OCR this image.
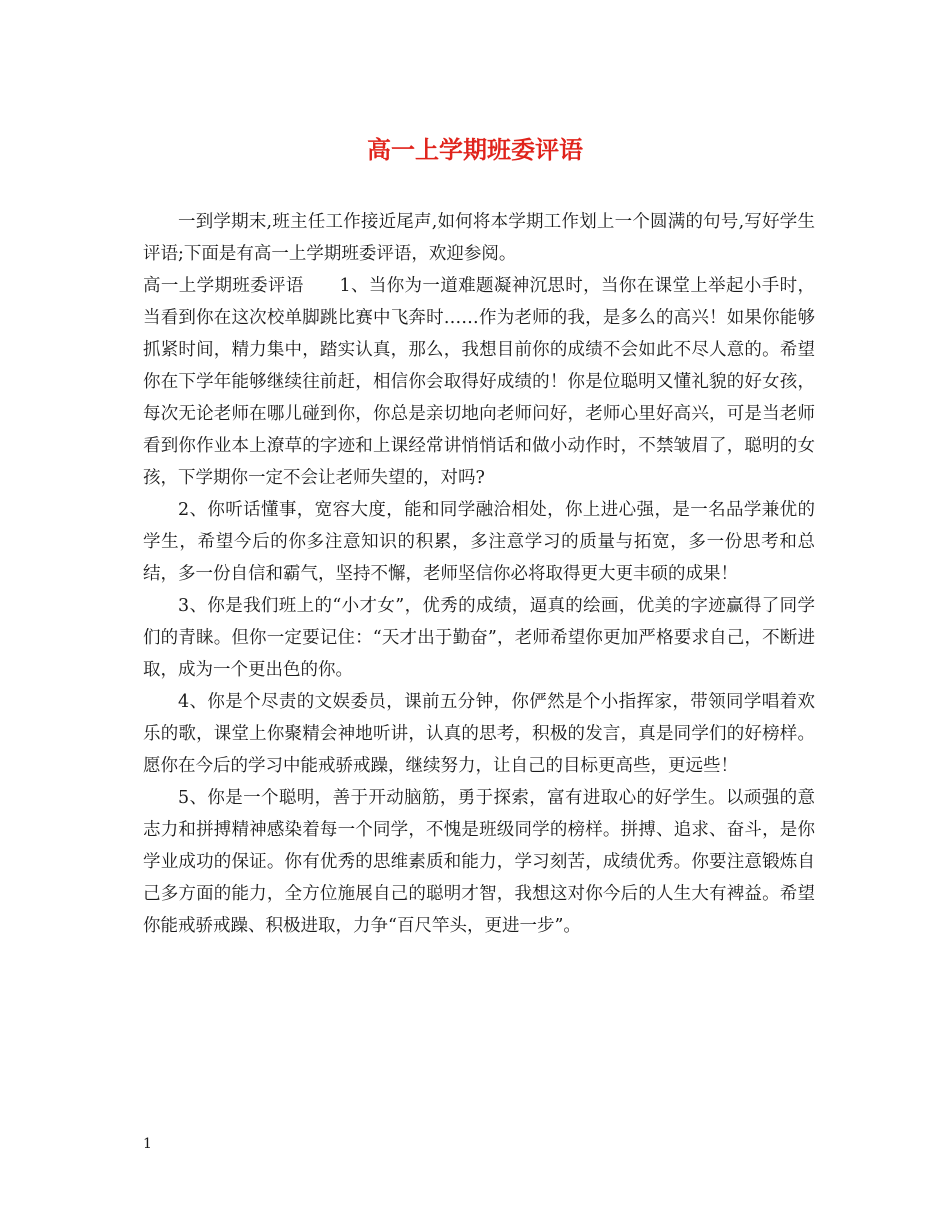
高一上学期班委评语

一到学期末,班主任工作接近尾声,如何将本学期工作划上一个圆满的句号,写好学生评语;下面是有高一上学期班委评语，欢迎参阅。

高一上学期班委评语　　1、当你为一道难题凝神沉思时，当你在课堂上举起小手时，当看到你在这次校单脚跳比赛中飞奔时……作为老师的我，是多么的高兴！如果你能够抓紧时间，精力集中，踏实认真，那么，我想目前你的成绩不会如此不尽人意的。希望你在下学年能够继续往前赶，相信你会取得好成绩的！你是位聪明又懂礼貌的好女孩，每次无论老师在哪儿碰到你，你总是亲切地向老师问好，老师心里好高兴，可是当老师看到你作业本上潦草的字迹和上课经常讲悄悄话和做小动作时，不禁皱眉了，聪明的女孩，下学期你一定不会让老师失望的，对吗?

2、你听话懂事，宽容大度，能和同学融洽相处，你上进心强，是一名品学兼优的学生，希望今后的你多注意知识的积累，多注意学习的质量与拓宽，多一份思考和总结，多一份自信和霸气，坚持不懈，老师坚信你必将取得更大更丰硕的成果！

3、你是我们班上的“小才女”，优秀的成绩，逼真的绘画，优美的字迹赢得了同学们的青睐。但你一定要记住：“天才出于勤奋”，老师希望你更加严格要求自己，不断进取，成为一个更出色的你。

4、你是个尽责的文娱委员，课前五分钟，你俨然是个小指挥家，带领同学唱着欢乐的歌，课堂上你聚精会神地听讲，认真的思考，积极的发言，真是同学们的好榜样。愿你在今后的学习中能戒骄戒躁，继续努力，让自己的目标更高些，更远些！

5、你是一个聪明，善于开动脑筋，勇于探索，富有进取心的好学生。以顽强的意志力和拼搏精神感染着每一个同学，不愧是班级同学的榜样。拼搏、追求、奋斗，是你学业成功的保证。你有优秀的思维素质和能力，学习刻苦，成绩优秀。你要注意锻炼自己多方面的能力，全方位施展自己的聪明才智，我想这对你今后的人生大有裨益。希望你能戒骄戒躁、积极进取，力争“百尺竿头，更进一步”。

1
